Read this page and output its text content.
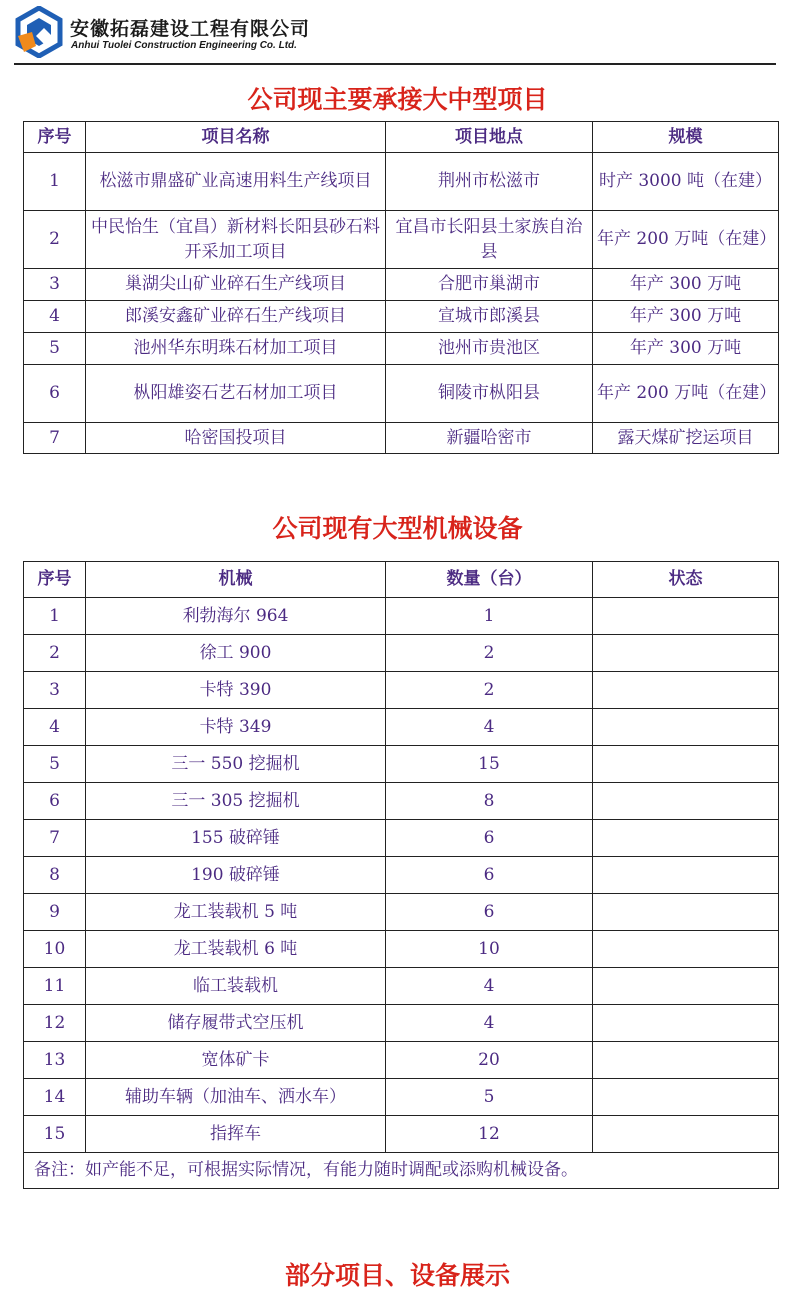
安徽拓磊建设工程有限公司
Anhui Tuolei Construction Engineering Co. Ltd.
公司现主要承接大中型项目
序号	项目名称	项目地点	规模
1	松滋市鼎盛矿业高速用料生产线项目	荆州市松滋市	时产 3000 吨（在建）
2	中民怡生（宜昌）新材料长阳县砂石料开采加工项目	宜昌市长阳县土家族自治县	年产 200 万吨（在建）
3	巢湖尖山矿业碎石生产线项目	合肥市巢湖市	年产 300 万吨
4	郎溪安鑫矿业碎石生产线项目	宣城市郎溪县	年产 300 万吨
5	池州华东明珠石材加工项目	池州市贵池区	年产 300 万吨
6	枞阳雄姿石艺石材加工项目	铜陵市枞阳县	年产 200 万吨（在建）
7	哈密国投项目	新疆哈密市	露天煤矿挖运项目
公司现有大型机械设备
序号	机械	数量（台）	状态
1	利勃海尔 964	1	
2	徐工 900	2	
3	卡特 390	2	
4	卡特 349	4	
5	三一 550 挖掘机	15	
6	三一 305 挖掘机	8	
7	155 破碎锤	6	
8	190 破碎锤	6	
9	龙工装载机 5 吨	6	
10	龙工装载机 6 吨	10	
11	临工装载机	4	
12	储存履带式空压机	4	
13	宽体矿卡	20	
14	辅助车辆（加油车、洒水车）	5	
15	指挥车	12	
备注：如产能不足，可根据实际情况，有能力随时调配或添购机械设备。			
部分项目、设备展示
